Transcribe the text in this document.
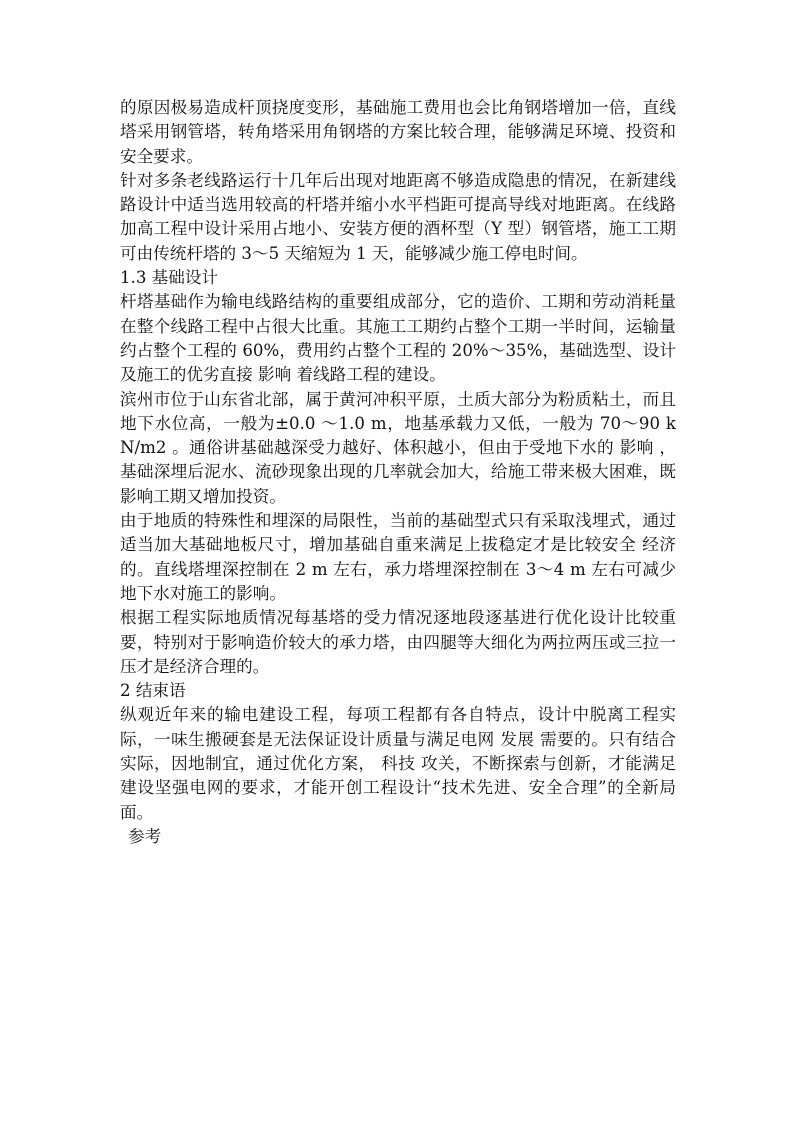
的原因极易造成杆顶挠度变形，基础施工费用也会比角钢塔增加一倍，直线塔采用钢管塔，转角塔采用角钢塔的方案比较合理，能够满足环境、投资和安全要求。

针对多条老线路运行十几年后出现对地距离不够造成隐患的情况，在新建线路设计中适当选用较高的杆塔并缩小水平档距可提高导线对地距离。在线路加高工程中设计采用占地小、安装方便的酒杯型（Y 型）钢管塔，施工工期可由传统杆塔的 3～5 天缩短为 1 天，能够减少施工停电时间。

1.3 基础设计

杆塔基础作为输电线路结构的重要组成部分，它的造价、工期和劳动消耗量在整个线路工程中占很大比重。其施工工期约占整个工期一半时间，运输量约占整个工程的 60%，费用约占整个工程的 20%～35%，基础选型、设计及施工的优劣直接 影响 着线路工程的建设。

滨州市位于山东省北部，属于黄河冲积平原，土质大部分为粉质粘土，而且地下水位高，一般为±0.0 ～1.0 m，地基承载力又低，一般为 70～90 kN/m2 。通俗讲基础越深受力越好、体积越小，但由于受地下水的 影响 ，基础深埋后泥水、流砂现象出现的几率就会加大，给施工带来极大困难，既影响工期又增加投资。

由于地质的特殊性和埋深的局限性，当前的基础型式只有采取浅埋式，通过适当加大基础地板尺寸，增加基础自重来满足上拔稳定才是比较安全 经济 的。直线塔埋深控制在 2 m 左右，承力塔埋深控制在 3～4 m 左右可减少地下水对施工的影响。

根据工程实际地质情况每基塔的受力情况逐地段逐基进行优化设计比较重要，特别对于影响造价较大的承力塔，由四腿等大细化为两拉两压或三拉一压才是经济合理的。

2 结束语

纵观近年来的输电建设工程，每项工程都有各自特点，设计中脱离工程实际，一味生搬硬套是无法保证设计质量与满足电网 发展 需要的。只有结合实际，因地制宜，通过优化方案， 科技 攻关，不断探索与创新，才能满足建设坚强电网的要求，才能开创工程设计“技术先进、安全合理”的全新局面。

参考
